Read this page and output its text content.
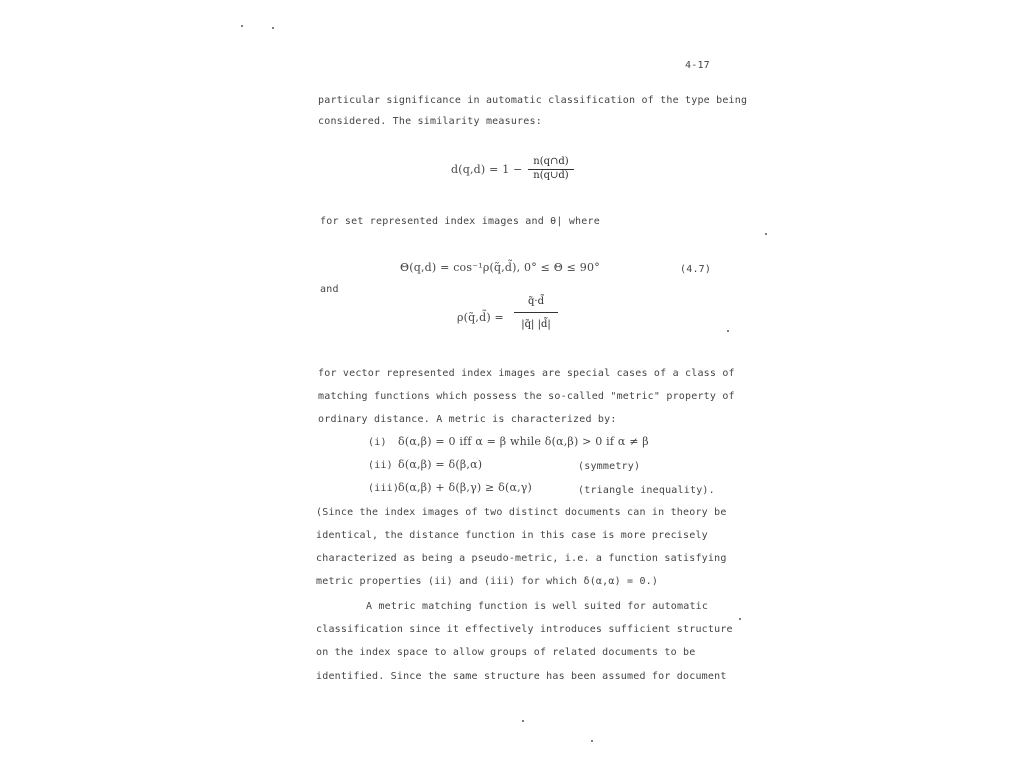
4-17
particular significance in automatic classification of the type being
considered. The similarity measures:
d(q,d) = 1 −
n(q∩d)
n(q∪d)
for set represented index images and θ| where
Θ(q,d) = cos⁻¹ρ(q̃,d̃), 0° ≤ Θ ≤ 90°	(4.7)
and
ρ(q̃,d̃) =
q̃·d̃
|q̃| |d̃|
for vector represented index images are special cases of a class of
matching functions which possess the so-called "metric" property of
ordinary distance. A metric is characterized by:
(i) δ(α,β) = 0 iff α = β while δ(α,β) > 0 if α ≠ β
(ii) δ(α,β) = δ(β,α)	(symmetry)
(iii)
δ(α,β) + δ(β,γ) ≥ δ(α,γ)	(triangle inequality).
(Since the index images of two distinct documents can in theory be
identical, the distance function in this case is more precisely
characterized as being a pseudo-metric, i.e. a function satisfying
metric properties (ii) and (iii) for which δ(α,α) = 0.)
A metric matching function is well suited for automatic
classification since it effectively introduces sufficient structure
on the index space to allow groups of related documents to be
identified. Since the same structure has been assumed for document
